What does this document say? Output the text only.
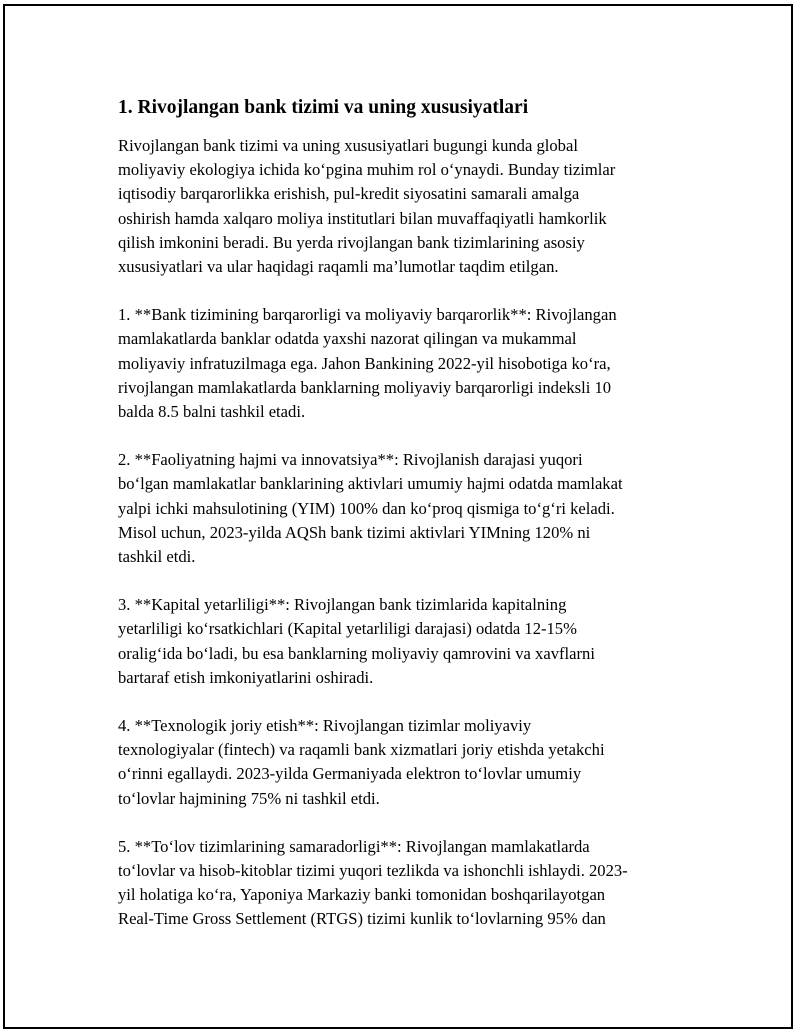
1. Rivojlangan bank tizimi va uning xususiyatlari
Rivojlangan bank tizimi va uning xususiyatlari bugungi kunda global
moliyaviy ekologiya ichida ko‘pgina muhim rol o‘ynaydi. Bunday tizimlar
iqtisodiy barqarorlikka erishish, pul-kredit siyosatini samarali amalga
oshirish hamda xalqaro moliya institutlari bilan muvaffaqiyatli hamkorlik
qilish imkonini beradi. Bu yerda rivojlangan bank tizimlarining asosiy
xususiyatlari va ular haqidagi raqamli ma’lumotlar taqdim etilgan.
1. **Bank tizimining barqarorligi va moliyaviy barqarorlik**: Rivojlangan
mamlakatlarda banklar odatda yaxshi nazorat qilingan va mukammal
moliyaviy infratuzilmaga ega. Jahon Bankining 2022-yil hisobotiga ko‘ra,
rivojlangan mamlakatlarda banklarning moliyaviy barqarorligi indeksli 10
balda 8.5 balni tashkil etadi.
2. **Faoliyatning hajmi va innovatsiya**: Rivojlanish darajasi yuqori
bo‘lgan mamlakatlar banklarining aktivlari umumiy hajmi odatda mamlakat
yalpi ichki mahsulotining (YIM) 100% dan ko‘proq qismiga to‘g‘ri keladi.
Misol uchun, 2023-yilda AQSh bank tizimi aktivlari YIMning 120% ni
tashkil etdi.
3. **Kapital yetarliligi**: Rivojlangan bank tizimlarida kapitalning
yetarliligi ko‘rsatkichlari (Kapital yetarliligi darajasi) odatda 12-15%
oralig‘ida bo‘ladi, bu esa banklarning moliyaviy qamrovini va xavflarni
bartaraf etish imkoniyatlarini oshiradi.
4. **Texnologik joriy etish**: Rivojlangan tizimlar moliyaviy
texnologiyalar (fintech) va raqamli bank xizmatlari joriy etishda yetakchi
o‘rinni egallaydi. 2023-yilda Germaniyada elektron to‘lovlar umumiy
to‘lovlar hajmining 75% ni tashkil etdi.
5. **To‘lov tizimlarining samaradorligi**: Rivojlangan mamlakatlarda
to‘lovlar va hisob-kitoblar tizimi yuqori tezlikda va ishonchli ishlaydi. 2023-
yil holatiga ko‘ra, Yaponiya Markaziy banki tomonidan boshqarilayotgan
Real-Time Gross Settlement (RTGS) tizimi kunlik to‘lovlarning 95% dan
